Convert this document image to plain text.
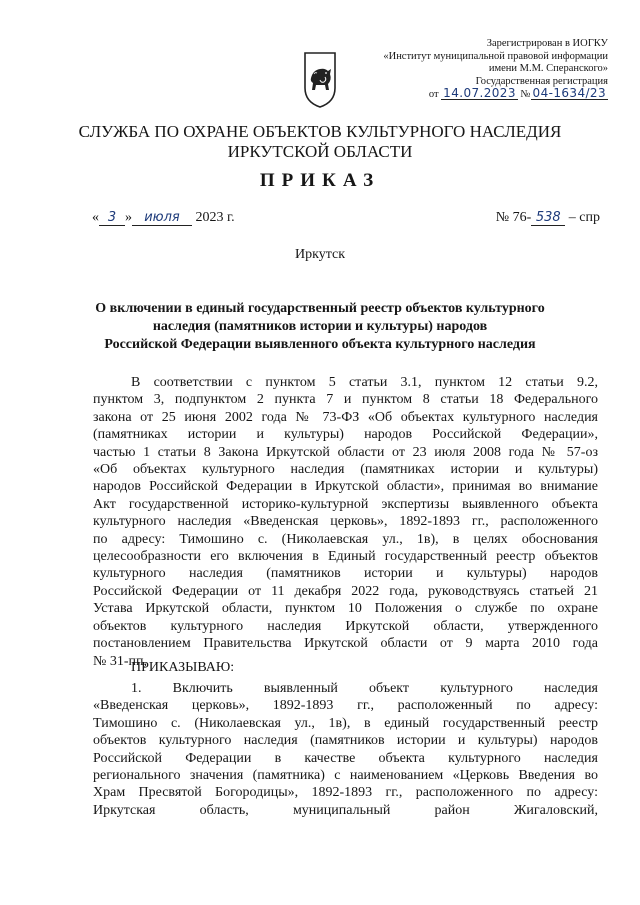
Зарегистрирован в ИОГКУ
«Институт муниципальной правовой информации
имени М.М. Сперанского»
Государственная регистрация
от 14.07.2023 № 04-1634/23
СЛУЖБА ПО ОХРАНЕ ОБЪЕКТОВ КУЛЬТУРНОГО НАСЛЕДИЯ
ИРКУТСКОЙ ОБЛАСТИ
ПРИКАЗ
« 3 » июля 2023 г.	№ 76- 538 – спр
Иркутск
О включении в единый государственный реестр объектов культурного
наследия (памятников истории и культуры) народов
Российской Федерации выявленного объекта культурного наследия
В соответствии с пунктом 5 статьи 3.1, пунктом 12 статьи 9.2,
пунктом 3, подпунктом 2 пункта 7 и пунктом 8 статьи 18 Федерального
закона от 25 июня 2002 года № 73-ФЗ «Об объектах культурного наследия
(памятниках истории и культуры) народов Российской Федерации»,
частью 1 статьи 8 Закона Иркутской области от 23 июля 2008 года № 57-оз
«Об объектах культурного наследия (памятниках истории и культуры)
народов Российской Федерации в Иркутской области», принимая во внимание
Акт государственной историко-культурной экспертизы выявленного объекта
культурного наследия «Введенская церковь», 1892-1893 гг., расположенного
по адресу: Тимошино с. (Николаевская ул., 1в), в целях обоснования
целесообразности его включения в Единый государственный реестр объектов
культурного наследия (памятников истории и культуры) народов
Российской Федерации от 11 декабря 2022 года, руководствуясь статьей 21
Устава Иркутской области, пунктом 10 Положения о службе по охране
объектов культурного наследия Иркутской области, утвержденного
постановлением Правительства Иркутской области от 9 марта 2010 года
№ 31-пп,
ПРИКАЗЫВАЮ:
1. Включить выявленный объект культурного наследия
«Введенская церковь», 1892-1893 гг., расположенный по адресу:
Тимошино с. (Николаевская ул., 1в), в единый государственный реестр
объектов культурного наследия (памятников истории и культуры) народов
Российской Федерации в качестве объекта культурного наследия
регионального значения (памятника) с наименованием «Церковь Введения во
Храм Пресвятой Богородицы», 1892-1893 гг., расположенного по адресу:
Иркутская область, муниципальный район Жигаловский,
